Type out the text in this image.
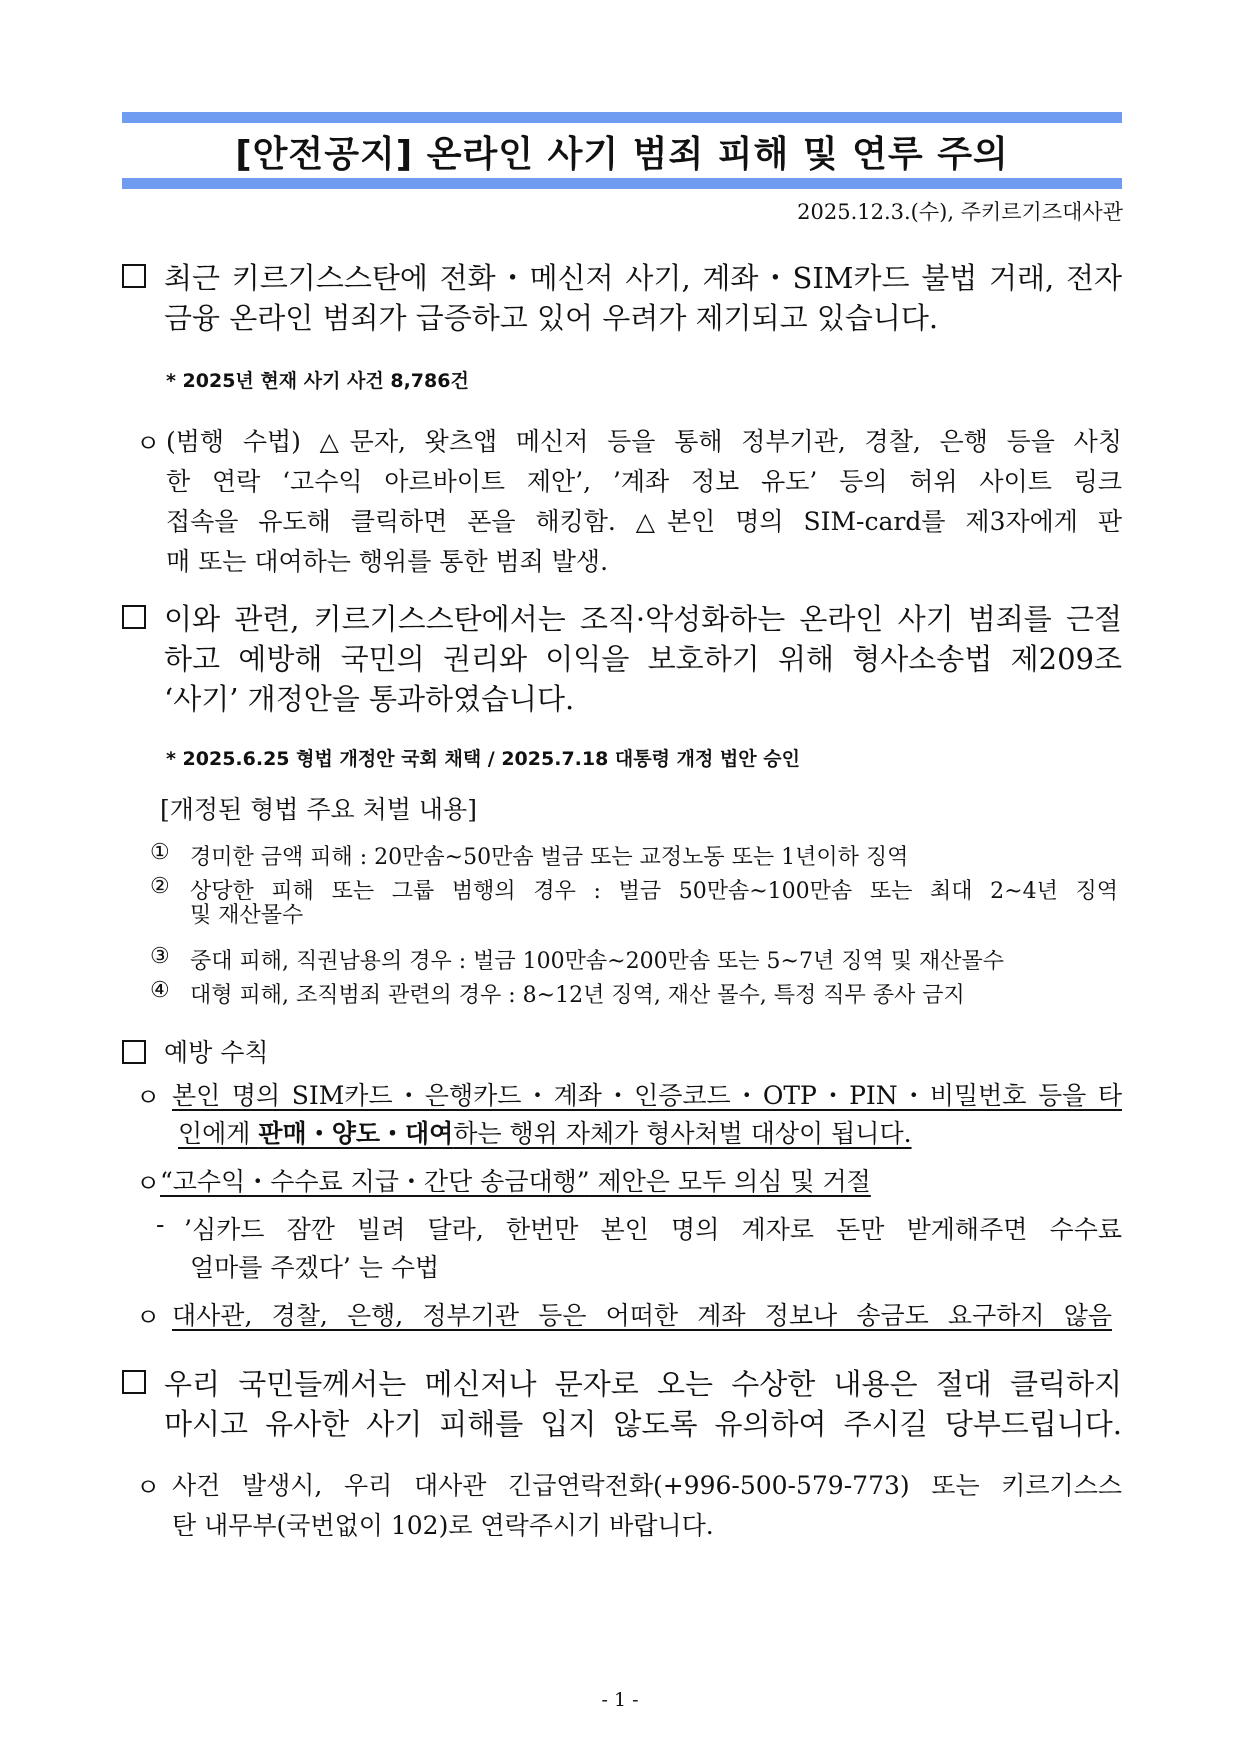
[안전공지] 온라인 사기 범죄 피해 및 연루 주의
2025.12.3.(수), 주키르기즈대사관
최근 키르기스스탄에 전화・메신저 사기, 계좌・SIM카드 불법 거래, 전자
금융 온라인 범죄가 급증하고 있어 우려가 제기되고 있습니다.
* 2025년 현재 사기 사건 8,786건
ㅇ (범행 수법) △문자, 왓츠앱 메신저 등을 통해 정부기관, 경찰, 은행 등을 사칭
한 연락 ‘고수익 아르바이트 제안’, ’계좌 정보 유도’ 등의 허위 사이트 링크
접속을 유도해 클릭하면 폰을 해킹함. △본인 명의 SIM-card를 제3자에게 판
매 또는 대여하는 행위를 통한 범죄 발생.
이와 관련, 키르기스스탄에서는 조직·악성화하는 온라인 사기 범죄를 근절
하고 예방해 국민의 권리와 이익을 보호하기 위해 형사소송법 제209조
‘사기’ 개정안을 통과하였습니다.
* 2025.6.25 형법 개정안 국회 채택 / 2025.7.18 대통령 개정 법안 승인
[개정된 형법 주요 처벌 내용]
① 경미한 금액 피해 : 20만솜~50만솜 벌금 또는 교정노동 또는 1년이하 징역
② 상당한 피해 또는 그룹 범행의 경우 : 벌금 50만솜~100만솜 또는 최대 2~4년 징역
및 재산몰수
③ 중대 피해, 직권남용의 경우 : 벌금 100만솜~200만솜 또는 5~7년 징역 및 재산몰수
④ 대형 피해, 조직범죄 관련의 경우 : 8~12년 징역, 재산 몰수, 특정 직무 종사 금지
예방 수칙
ㅇ 본인 명의 SIM카드・은행카드・계좌・인증코드・OTP・PIN・비밀번호 등을 타
인에게 판매・양도・대여하는 행위 자체가 형사처벌 대상이 됩니다.
ㅇ “고수익・수수료 지급・간단 송금대행” 제안은 모두 의심 및 거절
- ’심카드 잠깐 빌려 달라, 한번만 본인 명의 계자로 돈만 받게해주면 수수료
얼마를 주겠다’ 는 수법
ㅇ 대사관, 경찰, 은행, 정부기관 등은 어떠한 계좌 정보나 송금도 요구하지 않음
우리 국민들께서는 메신저나 문자로 오는 수상한 내용은 절대 클릭하지
마시고 유사한 사기 피해를 입지 않도록 유의하여 주시길 당부드립니다.
ㅇ 사건 발생시, 우리 대사관 긴급연락전화(+996-500-579-773) 또는 키르기스스
탄 내무부(국번없이 102)로 연락주시기 바랍니다.
- 1 -
